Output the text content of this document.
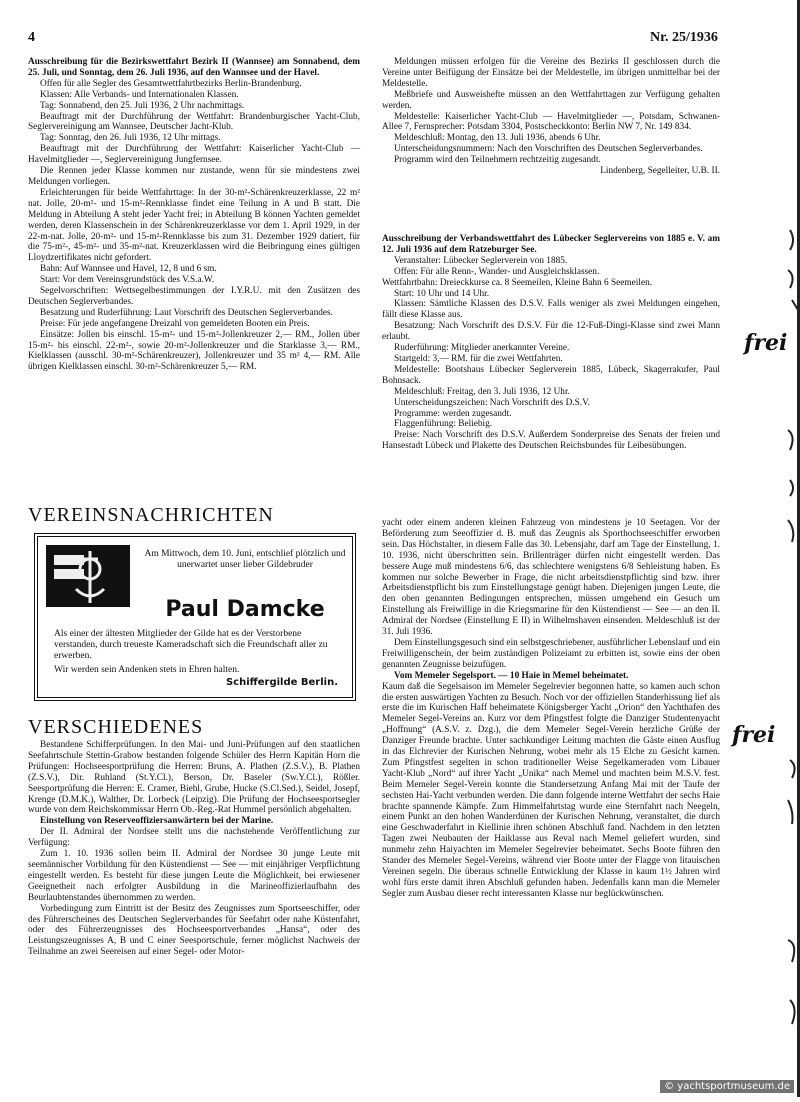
4	Nr. 25/1936

Ausschreibung für die Bezirkswettfahrt Bezirk II (Wannsee) am Sonnabend, dem 25. Juli, und Sonntag, dem 26. Juli 1936, auf den Wannsee und der Havel.

Offen für alle Segler des Gesamtwettfahrtbezirks Berlin-Brandenburg.

Klassen: Alle Verbands- und Internationalen Klassen.

Tag: Sonnabend, den 25. Juli 1936, 2 Uhr nachmittags.

Beauftragt mit der Durchführung der Wettfahrt: Brandenburgischer Yacht-Club, Seglervereinigung am Wannsee, Deutscher Jacht-Klub.

Tag: Sonntag, den 26. Juli 1936, 12 Uhr mittags.

Beauftragt mit der Durchführung der Wettfahrt: Kaiserlicher Yacht-Club — Havelmitglieder —, Seglervereinigung Jungfernsee.

Die Rennen jeder Klasse kommen nur zustande, wenn für sie mindestens zwei Meldungen vorliegen.

Erleichterungen für beide Wettfahrttage: In der 30-m²-Schärenkreuzerklasse, 22 m² nat. Jolle, 20-m²- und 15-m²-Rennklasse findet eine Teilung in A und B statt. Die Meldung in Abteilung A steht jeder Yacht frei; in Abteilung B können Yachten gemeldet werden, deren Klassenschein in der Schärenkreuzerklasse vor dem 1. April 1929, in der 22-m-nat. Jolle, 20-m²- und 15-m²-Rennklasse bis zum 31. Dezember 1929 datiert, für die 75-m²-, 45-m²- und 35-m²-nat. Kreuzerklassen wird die Beibringung eines gültigen Lloydzertifikates nicht gefordert.

Bahn: Auf Wannsee und Havel, 12, 8 und 6 sm.

Start: Vor dem Vereinsgrundstück des V.S.a.W.

Segelvorschriften: Wettsegelbestimmungen der I.Y.R.U. mit den Zusätzen des Deutschen Seglerverbandes.

Besatzung und Ruderführung: Laut Vorschrift des Deutschen Seglerverbandes.

Preise: Für jede angefangene Dreizahl von gemeldeten Booten ein Preis.

Einsätze: Jollen bis einschl. 15-m²- und 15-m²-Jollenkreuzer 2,— RM., Jollen über 15-m²- bis einschl. 22-m²-, sowie 20-m²-Jollenkreuzer und die Starklasse 3,— RM., Kielklassen (ausschl. 30-m²-Schärenkreuzer), Jollenkreuzer und 35 m² 4,— RM. Alle übrigen Kielklassen einschl. 30-m²-Schärenkreuzer 5,— RM.

Meldungen müssen erfolgen für die Vereine des Bezirks II geschlossen durch die Vereine unter Beifügung der Einsätze bei der Meldestelle, im übrigen unmittelbar bei der Meldestelle.

Meßbriefe und Ausweishefte müssen an den Wettfahrttagen zur Verfügung gehalten werden.

Meldestelle: Kaiserlicher Yacht-Club — Havelmitglieder —, Potsdam, Schwanen-Allee 7, Fernsprecher: Potsdam 3304, Postscheckkonto: Berlin NW 7, Nr. 149 834.

Meldeschluß: Montag, den 13. Juli 1936, abends 6 Uhr.

Unterscheidungsnummern: Nach den Vorschriften des Deutschen Seglerverbandes.

Programm wird den Teilnehmern rechtzeitig zugesandt.

Lindenberg, Segelleiter, U.B. II.

Ausschreibung der Verbandswettfahrt des Lübecker Seglervereins von 1885 e. V. am 12. Juli 1936 auf dem Ratzeburger See.

Veranstalter: Lübecker Seglerverein von 1885.

Offen: Für alle Renn-, Wander- und Ausgleichsklassen.

Wettfahrtbahn: Dreieckkurse ca. 8 Seemeilen, Kleine Bahn 6 Seemeilen.

Start: 10 Uhr und 14 Uhr.

Klassen: Sämtliche Klassen des D.S.V. Falls weniger als zwei Meldungen eingehen, fällt diese Klasse aus.

Besatzung: Nach Vorschrift des D.S.V. Für die 12-Fuß-Dingi-Klasse sind zwei Mann erlaubt.

Ruderführung: Mitglieder anerkannter Vereine.

Startgeld: 3,— RM. für die zwei Wettfahrten.

Meldestelle: Bootshaus Lübecker Seglerverein 1885, Lübeck, Skagerrakufer, Paul Bohnsack.

Meldeschluß: Freitag, den 3. Juli 1936, 12 Uhr.

Unterscheidungszeichen: Nach Vorschrift des D.S.V.

Programme: werden zugesandt.

Flaggenführung: Beliebig.

Preise: Nach Vorschrift des D.S.V. Außerdem Sonderpreise des Senats der freien und Hansestadt Lübeck und Plakette des Deutschen Reichsbundes für Leibesübungen.

VEREINSNACHRICHTEN
Am Mittwoch, dem 10. Juni, entschlief plötzlich und unerwartet unser lieber Gildebruder
Paul Damcke
Als einer der ältesten Mitglieder der Gilde hat es der Verstorbene verstanden, durch treueste Kameradschaft sich die Freundschaft aller zu erwerben.
Wir werden sein Andenken stets in Ehren halten.
Schiffergilde Berlin.
VERSCHIEDENES

Bestandene Schifferprüfungen. In den Mai- und Juni-Prüfungen auf den staatlichen Seefahrtschule Stettin-Grabow bestanden folgende Schüler des Herrn Kapitän Horn die Prüfungen: Hochseesportprüfung die Herren: Bruns, A. Plathen (Z.S.V.), B. Plathen (Z.S.V.), Dir. Ruhland (St.Y.Cl.), Berson, Dr. Baseler (Sw.Y.Cl.), Rößler. Seesportprüfung die Herren: E. Cramer, Biehl, Grube, Hucke (S.Cl.Sed.), Seidel, Josepf, Krenge (D.M.K.), Walther, Dr. Lorbeck (Leipzig). Die Prüfung der Hochseesportsegler wurde von dem Reichskommissar Herrn Ob.-Reg.-Rat Hummel persönlich abgehalten.

Einstellung von Reserveoffiziersanwärtern bei der Marine.

Der II. Admiral der Nordsee stellt uns die nachstehende Veröffentlichung zur Verfügung:

Zum 1. 10. 1936 sollen beim II. Admiral der Nordsee 30 junge Leute mit seemännischer Vorbildung für den Küstendienst — See — mit einjähriger Verpflichtung eingestellt werden. Es besteht für diese jungen Leute die Möglichkeit, bei erwiesener Geeignetheit nach erfolgter Ausbildung in die Marineoffizierlaufbahn des Beurlaubtenstandes übernommen zu werden.

Vorbedingung zum Eintritt ist der Besitz des Zeugnisses zum Sportseeschiffer, oder des Führerscheines des Deutschen Seglerverbandes für Seefahrt oder nahe Küstenfahrt, oder des Führerzeugnisses des Hochseesportverbandes „Hansa“, oder des Leistungszeugnisses A, B und C einer Seesportschule, ferner möglichst Nachweis der Teilnahme an zwei Seereisen auf einer Segel- oder Motor-

yacht oder einem anderen kleinen Fahrzeug von mindestens je 10 Seetagen. Vor der Beförderung zum Seeoffizier d. B. muß das Zeugnis als Sporthochseeschiffer erworben sein. Das Höchstalter, in diesem Falle das 30. Lebensjahr, darf am Tage der Einstellung, 1. 10. 1936, nicht überschritten sein. Brillenträger dürfen nicht eingestellt werden. Das bessere Auge muß mindestens 6/6, das schlechtere wenigstens 6/8 Sehleistung haben. Es kommen nur solche Bewerber in Frage, die nicht arbeitsdienstpflichtig sind bzw. ihrer Arbeitsdienstpflicht bis zum Einstellungstage genügt haben. Diejenigen jungen Leute, die den oben genannten Bedingungen entsprechen, müssen umgehend ein Gesuch um Einstellung als Freiwillige in die Kriegsmarine für den Küstendienst — See — an den II. Admiral der Nordsee (Einstellung E II) in Wilhelmshaven einsenden. Meldeschluß ist der 31. Juli 1936.

Dem Einstellungsgesuch sind ein selbstgeschriebener, ausführlicher Lebenslauf und ein Freiwilligenschein, der beim zuständigen Polizeiamt zu erbitten ist, sowie eins der oben genannten Zeugnisse beizufügen.

Vom Memeler Segelsport. — 10 Haie in Memel beheimatet.

Kaum daß die Segelsaison im Memeler Segelrevier begonnen hatte, so kamen auch schon die ersten auswärtigen Yachten zu Besuch. Noch vor der offiziellen Standerhissung lief als erste die im Kurischen Haff beheimatete Königsberger Yacht „Orion“ den Yachthafen des Memeler Segel-Vereins an. Kurz vor dem Pfingstfest folgte die Danziger Studentenyacht „Hoffnung“ (A.S.V. z. Dzg.), die dem Memeler Segel-Verein herzliche Grüße der Danziger Freunde brachte. Unter sachkundiger Leitung machten die Gäste einen Ausflug in das Elchrevier der Kurischen Nehrung, wobei mehr als 15 Elche zu Gesicht kamen. Zum Pfingstfest segelten in schon traditioneller Weise Segelkameraden vom Libauer Yacht-Klub „Nord“ auf ihrer Yacht „Unika“ nach Memel und machten beim M.S.V. fest. Beim Memeler Segel-Verein konnte die Standersetzung Anfang Mai mit der Taufe der sechsten Hai-Yacht verbunden werden. Die dann folgende interne Wettfahrt der sechs Haie brachte spannende Kämpfe. Zum Himmelfahrtstag wurde eine Sternfahrt nach Neegeln, einem Punkt an den hohen Wanderdünen der Kurischen Nehrung, veranstaltet, die durch eine Geschwaderfahrt in Kiellinie ihren schönen Abschluß fand. Nachdem in den letzten Tagen zwei Neubauten der Haiklasse aus Reval nach Memel geliefert wurden, sind nunmehr zehn Haiyachten im Memeler Segelrevier beheimatet. Sechs Boote führen den Stander des Memeler Segel-Vereins, während vier Boote unter der Flagge von litauischen Vereinen segeln. Die überaus schnelle Entwicklung der Klasse in kaum 1½ Jahren wird wohl fürs erste damit ihren Abschluß gefunden haben. Jedenfalls kann man die Memeler Segler zum Ausbau dieser recht interessanten Klasse nur beglückwünschen.

frei
frei
© yachtsportmuseum.de
